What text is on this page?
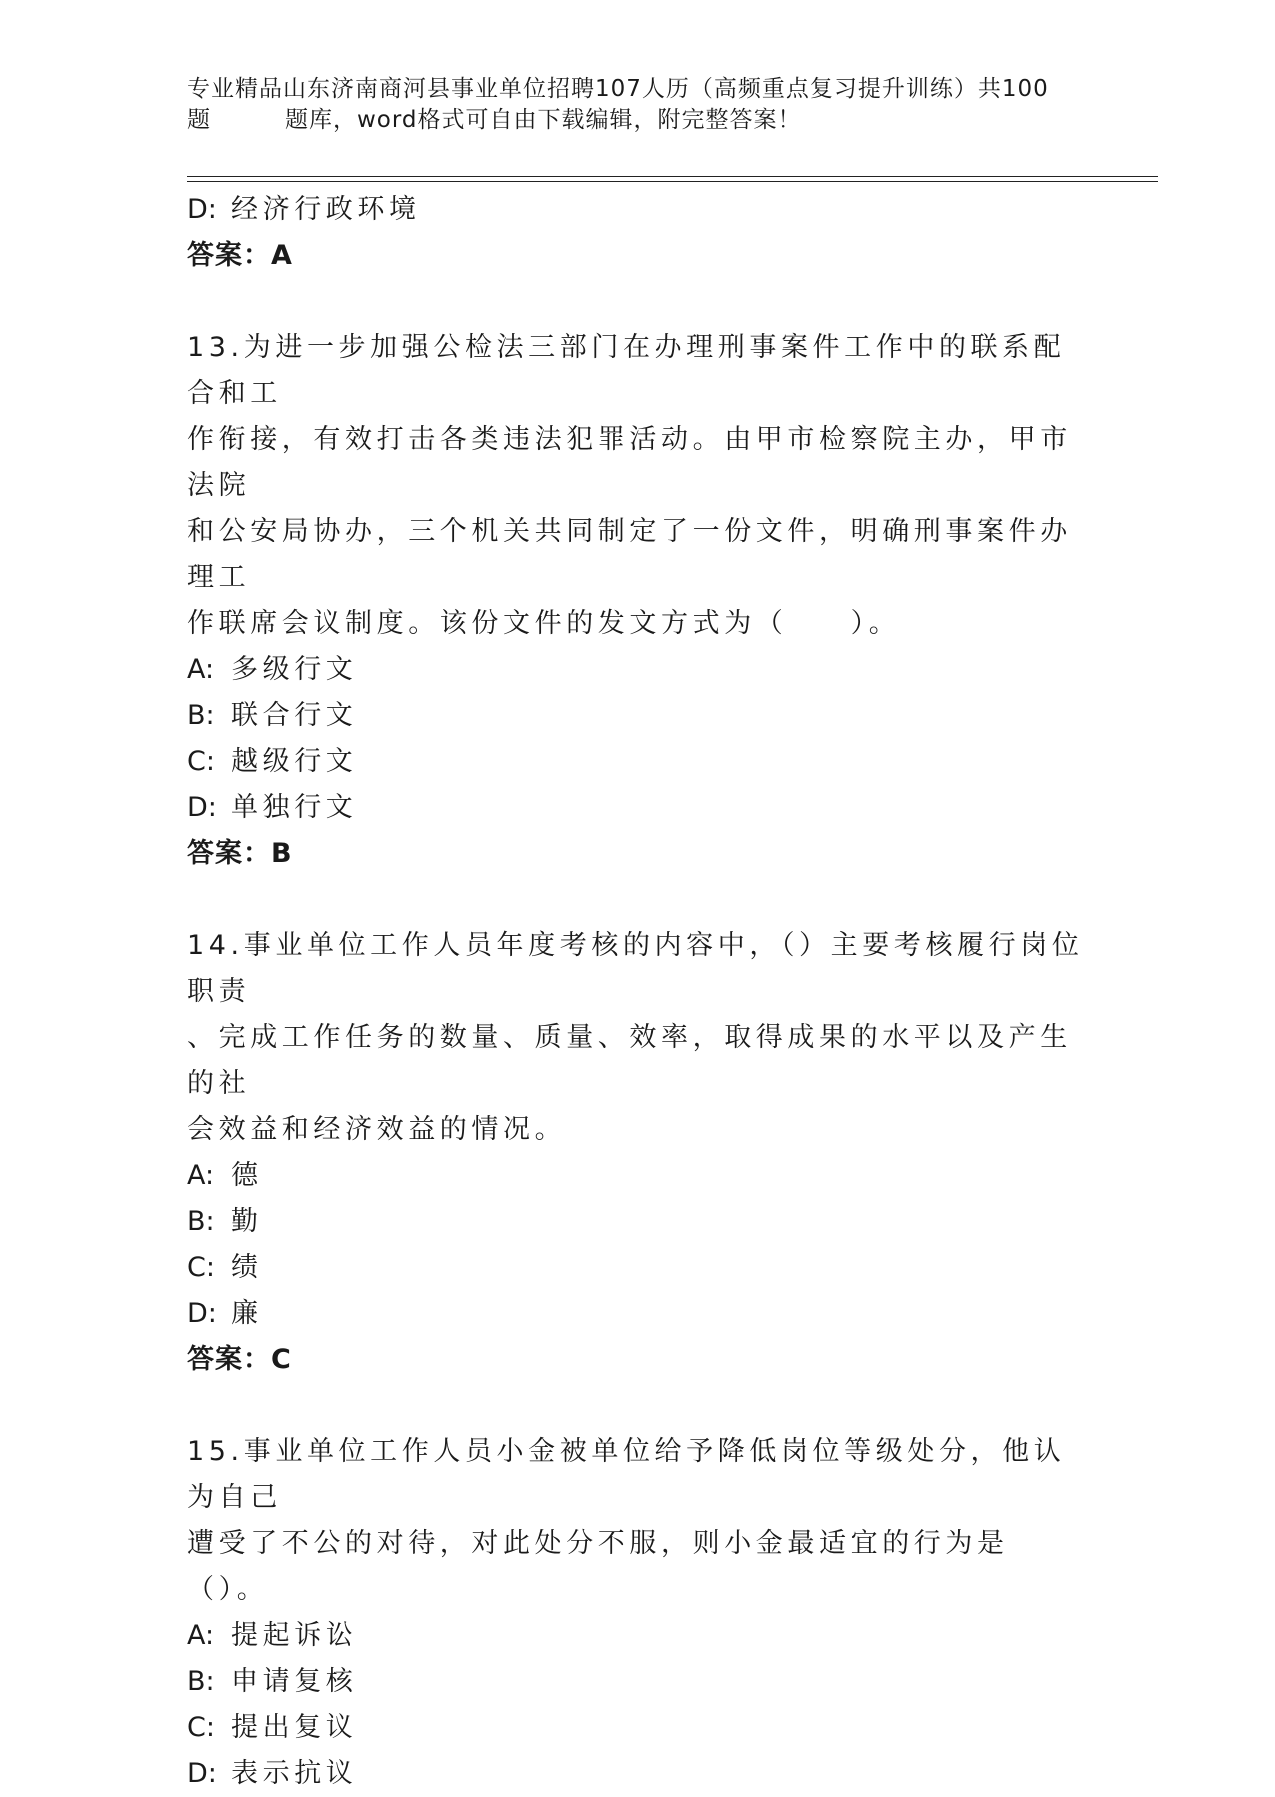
专业精品山东济南商河县事业单位招聘107人历（高频重点复习提升训练）共100

题	题库，word格式可自由下载编辑，附完整答案！
D: 经济行政环境
答案：A
13.为进一步加强公检法三部门在办理刑事案件工作中的联系配合和工
作衔接，有效打击各类违法犯罪活动。由甲市检察院主办，甲市法院
和公安局协办，三个机关共同制定了一份文件，明确刑事案件办理工
作联席会议制度。该份文件的发文方式为（　　）。
A: 多级行文
B: 联合行文
C: 越级行文
D: 单独行文
答案：B
14.事业单位工作人员年度考核的内容中，（）主要考核履行岗位职责
、完成工作任务的数量、质量、效率，取得成果的水平以及产生的社
会效益和经济效益的情况。
A: 德
B: 勤
C: 绩
D: 廉
答案：C
15.事业单位工作人员小金被单位给予降低岗位等级处分，他认为自己
遭受了不公的对待，对此处分不服，则小金最适宜的行为是（）。
A: 提起诉讼
B: 申请复核
C: 提出复议
D: 表示抗议
